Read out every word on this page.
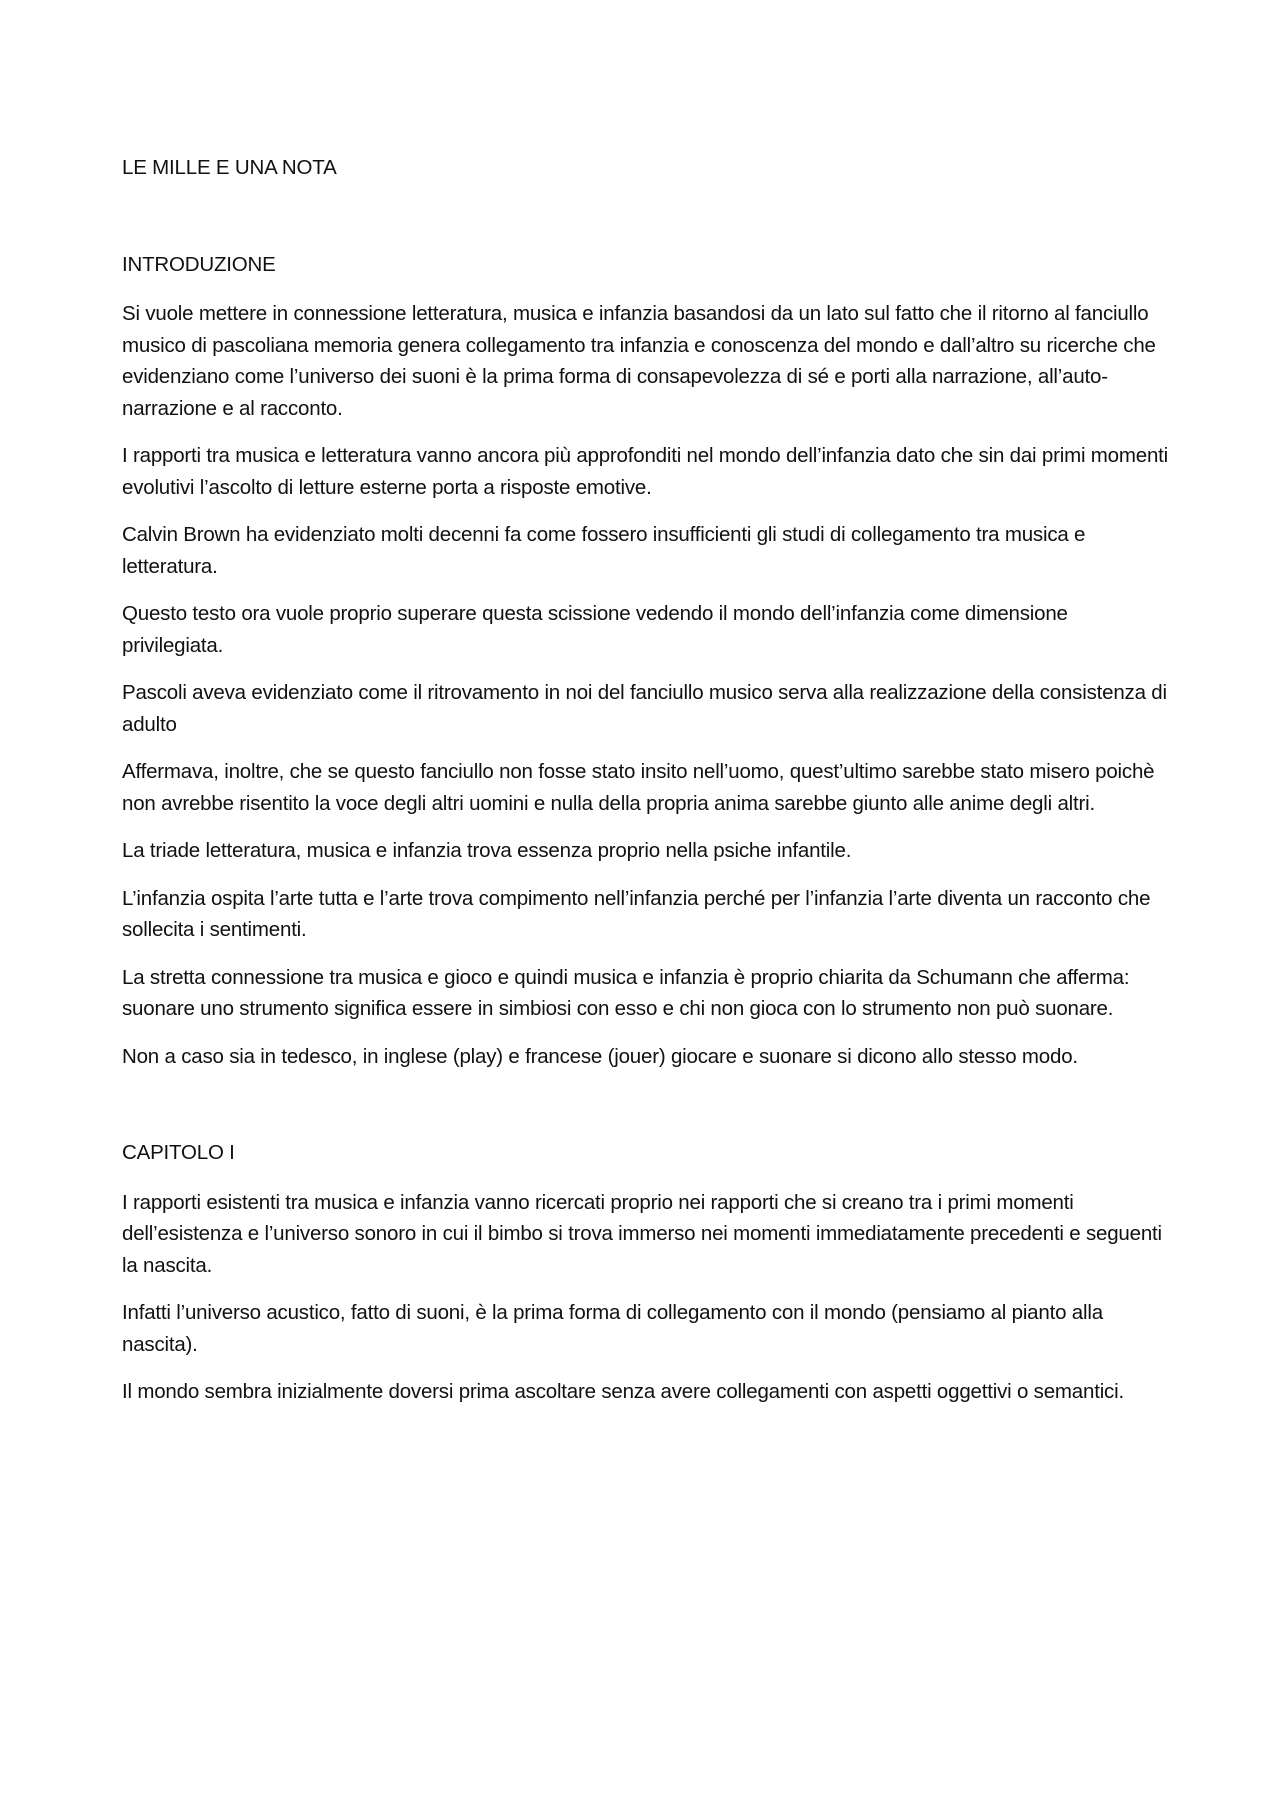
LE MILLE E UNA NOTA

INTRODUZIONE

Si vuole mettere in connessione letteratura, musica e infanzia basandosi da un lato sul fatto che il ritorno al fanciullo musico di pascoliana memoria genera collegamento tra infanzia e conoscenza del mondo e dall’altro su ricerche che evidenziano come l’universo dei suoni è la prima forma di consapevolezza di sé e porti alla narrazione, all’auto-narrazione e al racconto.

I rapporti tra musica e letteratura vanno ancora più approfonditi nel mondo dell’infanzia dato che sin dai primi momenti evolutivi l’ascolto di letture esterne porta a risposte emotive.

Calvin Brown ha evidenziato molti decenni fa come fossero insufficienti gli studi di collegamento tra musica e letteratura.

Questo testo ora vuole proprio superare questa scissione vedendo il mondo dell’infanzia come dimensione privilegiata.

Pascoli aveva evidenziato come il ritrovamento in noi del fanciullo musico serva alla realizzazione della consistenza di adulto

Affermava, inoltre, che se questo fanciullo non fosse stato insito nell’uomo, quest’ultimo sarebbe stato misero poichè non avrebbe risentito la voce degli altri uomini e nulla della propria anima sarebbe giunto alle anime degli altri.

La triade letteratura, musica e infanzia trova essenza proprio nella psiche infantile.

L’infanzia ospita l’arte tutta e l’arte trova compimento nell’infanzia perché per l’infanzia l’arte diventa un racconto che sollecita i sentimenti.

La stretta connessione tra musica e gioco e quindi musica e infanzia è proprio chiarita da Schumann che afferma: suonare uno strumento significa essere in simbiosi con esso e chi non gioca con lo strumento non può suonare.

Non a caso sia in tedesco, in inglese (play) e francese (jouer) giocare e suonare si dicono allo stesso modo.

CAPITOLO I

I rapporti esistenti tra musica e infanzia vanno ricercati proprio nei rapporti che si creano tra i primi momenti dell’esistenza e l’universo sonoro in cui il bimbo si trova immerso nei momenti immediatamente precedenti e seguenti la nascita.

Infatti l’universo acustico, fatto di suoni, è la prima forma di collegamento con il mondo (pensiamo al pianto alla nascita).

Il mondo sembra inizialmente doversi prima ascoltare senza avere collegamenti con aspetti oggettivi o semantici.
